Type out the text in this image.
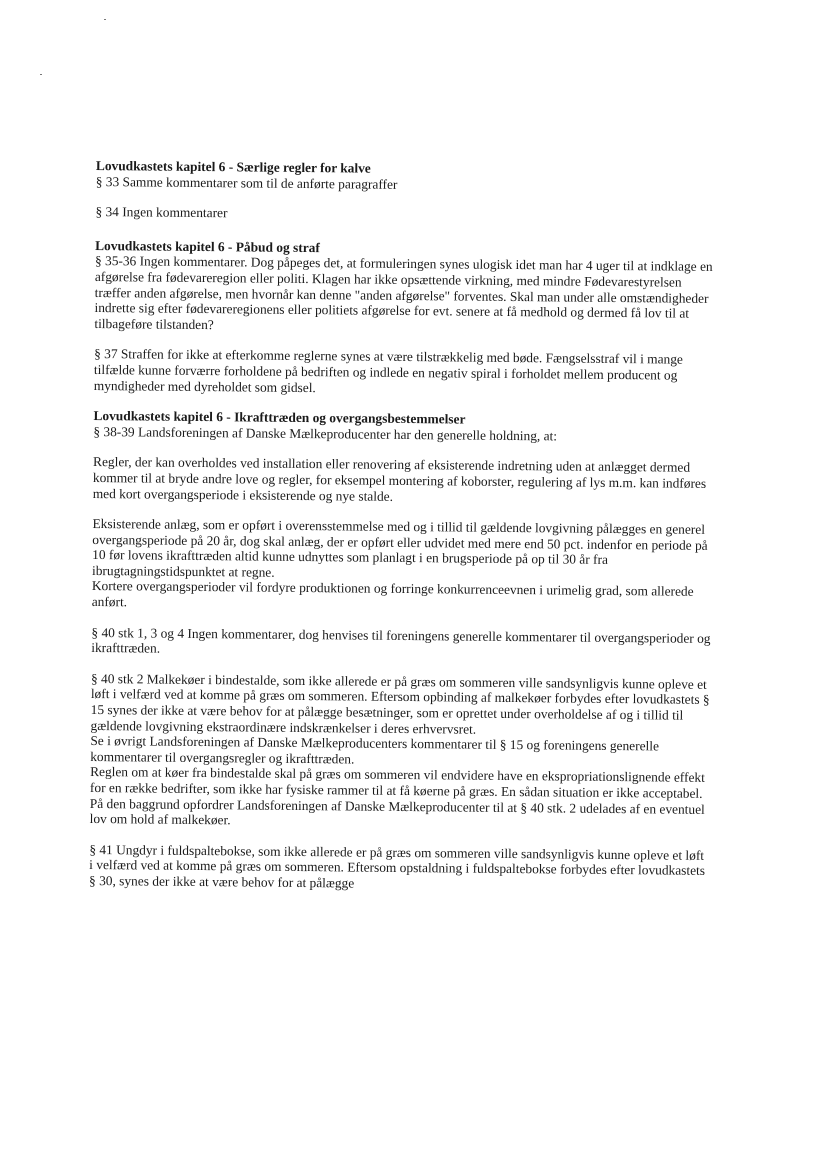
Lovudkastets kapitel 6 - Særlige regler for kalve

§ 33 Samme kommentarer som til de anførte paragraffer

§ 34 Ingen kommentarer

Lovudkastets kapitel 6 - Påbud og straf

§ 35-36 Ingen kommentarer. Dog påpeges det, at formuleringen synes ulogisk idet man har 4 uger til at indklage en afgørelse fra fødevareregion eller politi. Klagen har ikke opsættende virkning, med mindre Fødevarestyrelsen træffer anden afgørelse, men hvornår kan denne "anden afgørelse" forventes. Skal man under alle omstændigheder indrette sig efter fødevareregionens eller politiets afgørelse for evt. senere at få medhold og dermed få lov til at tilbageføre tilstanden?

§ 37 Straffen for ikke at efterkomme reglerne synes at være tilstrækkelig med bøde. Fængselsstraf vil i mange tilfælde kunne forværre forholdene på bedriften og indlede en negativ spiral i forholdet mellem producent og myndigheder med dyreholdet som gidsel.

Lovudkastets kapitel 6 - Ikrafttræden og overgangsbestemmelser

§ 38-39 Landsforeningen af Danske Mælkeproducenter har den generelle holdning, at:

Regler, der kan overholdes ved installation eller renovering af eksisterende indretning uden at anlægget dermed kommer til at bryde andre love og regler, for eksempel montering af koborster, regulering af lys m.m. kan indføres med kort overgangsperiode i eksisterende og nye stalde.

Eksisterende anlæg, som er opført i overensstemmelse med og i tillid til gældende lovgivning pålægges en generel overgangsperiode på 20 år, dog skal anlæg, der er opført eller udvidet med mere end 50 pct. indenfor en periode på 10 før lovens ikrafttræden altid kunne udnyttes som planlagt i en brugsperiode på op til 30 år fra ibrugtagningstidspunktet at regne.

Kortere overgangsperioder vil fordyre produktionen og forringe konkurrenceevnen i urimelig grad, som allerede anført.

§ 40 stk 1, 3 og 4 Ingen kommentarer, dog henvises til foreningens generelle kommentarer til overgangsperioder og ikrafttræden.

§ 40 stk 2 Malkekøer i bindestalde, som ikke allerede er på græs om sommeren ville sandsynligvis kunne opleve et løft i velfærd ved at komme på græs om sommeren. Eftersom opbinding af malkekøer forbydes efter lovudkastets § 15 synes der ikke at være behov for at pålægge besætninger, som er oprettet under overholdelse af og i tillid til gældende lovgivning ekstraordinære indskrænkelser i deres erhvervsret.

Se i øvrigt Landsforeningen af Danske Mælkeproducenters kommentarer til § 15 og foreningens generelle kommentarer til overgangsregler og ikrafttræden.

Reglen om at køer fra bindestalde skal på græs om sommeren vil endvidere have en ekspropriationslignende effekt for en række bedrifter, som ikke har fysiske rammer til at få køerne på græs. En sådan situation er ikke acceptabel.

På den baggrund opfordrer Landsforeningen af Danske Mælkeproducenter til at § 40 stk. 2 udelades af en eventuel lov om hold af malkekøer.

§ 41 Ungdyr i fuldspaltebokse, som ikke allerede er på græs om sommeren ville sandsynligvis kunne opleve et løft i velfærd ved at komme på græs om sommeren. Eftersom opstaldning i fuldspaltebokse forbydes efter lovudkastets § 30, synes der ikke at være behov for at pålægge
